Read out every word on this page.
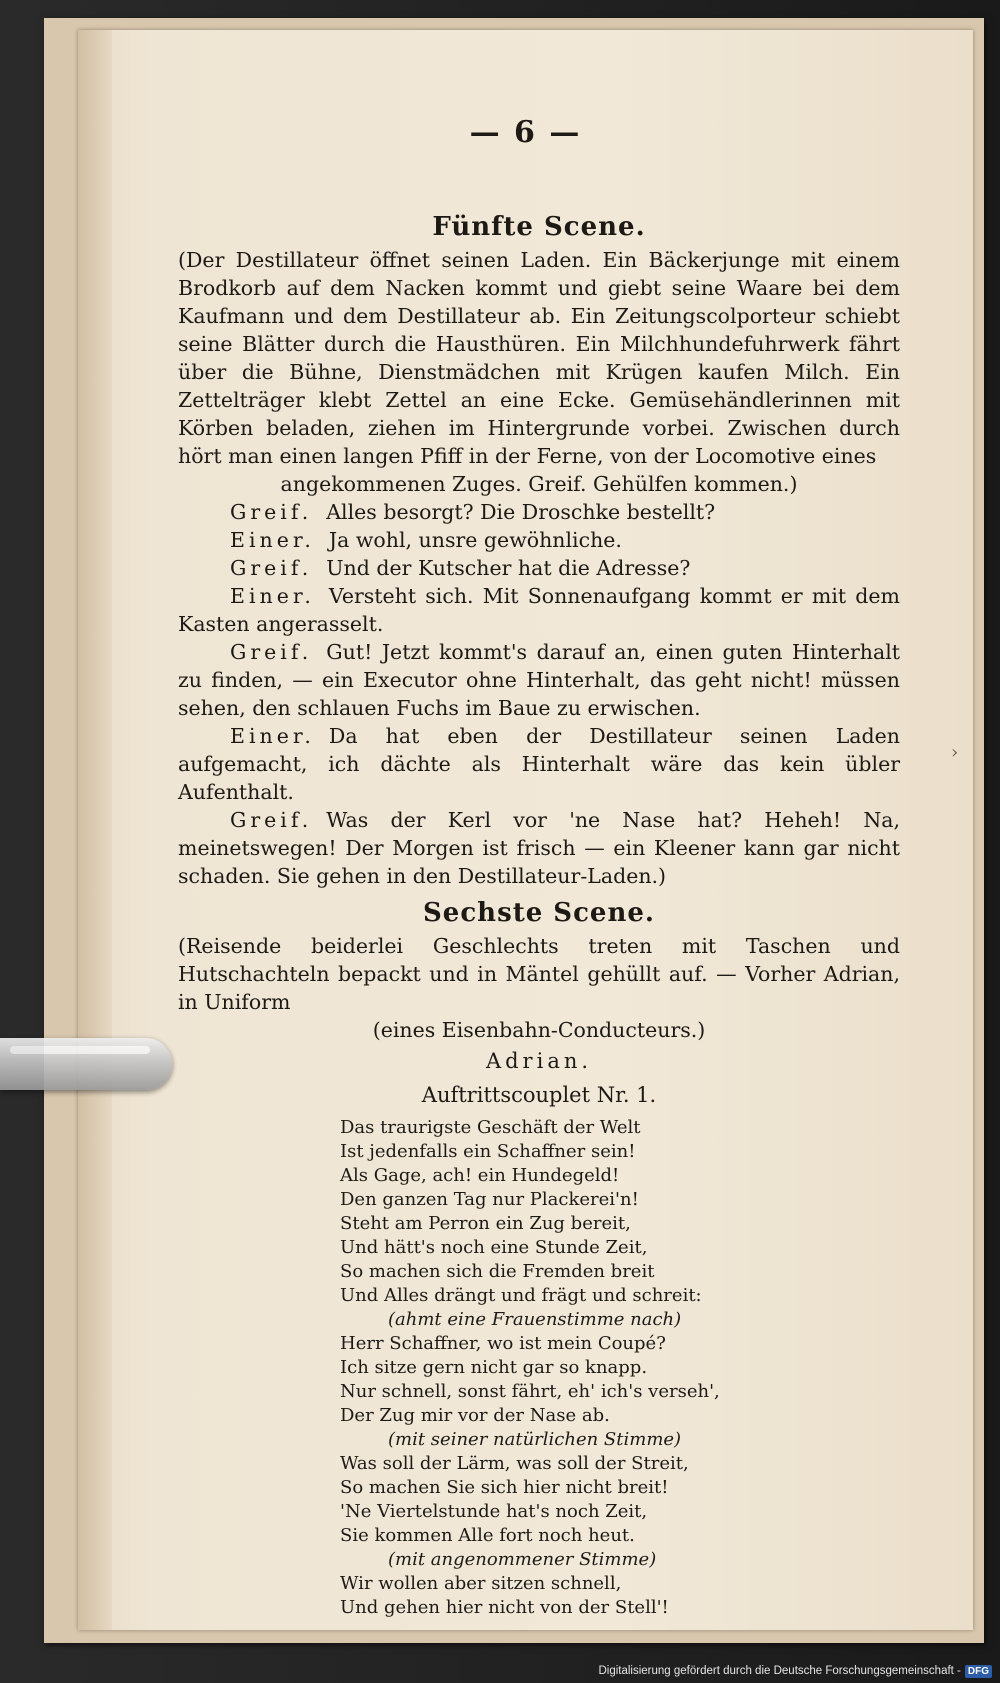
— 6 —
Fünfte Scene.

(Der Destillateur öffnet seinen Laden. Ein Bäckerjunge mit einem Brodkorb auf dem Nacken kommt und giebt seine Waare bei dem Kaufmann und dem Destillateur ab. Ein Zeitungscolporteur schiebt seine Blätter durch die Hausthüren. Ein Milchhundefuhrwerk fährt über die Bühne, Dienstmädchen mit Krügen kaufen Milch. Ein Zettelträger klebt Zettel an eine Ecke. Gemüsehändlerinnen mit Körben beladen, ziehen im Hintergrunde vorbei. Zwischen durch hört man einen langen Pfiff in der Ferne, von der Locomotive eines

angekommenen Zuges. Greif. Gehülfen kommen.)

Greif. Alles besorgt? Die Droschke bestellt?

Einer. Ja wohl, unsre gewöhnliche.

Greif. Und der Kutscher hat die Adresse?

Einer. Versteht sich. Mit Sonnenaufgang kommt er mit dem Kasten angerasselt.

Greif. Gut! Jetzt kommt's darauf an, einen guten Hinterhalt zu finden, — ein Executor ohne Hinterhalt, das geht nicht! müssen sehen, den schlauen Fuchs im Baue zu erwischen.

Einer. Da hat eben der Destillateur seinen Laden aufgemacht, ich dächte als Hinterhalt wäre das kein übler Aufenthalt.

Greif. Was der Kerl vor 'ne Nase hat? Heheh! Na, meinetswegen! Der Morgen ist frisch — ein Kleener kann gar nicht schaden. Sie gehen in den Destillateur-Laden.)

Sechste Scene.

(Reisende beiderlei Geschlechts treten mit Taschen und Hutschachteln bepackt und in Mäntel gehüllt auf. — Vorher Adrian, in Uniform

(eines Eisenbahn-Conducteurs.)

Adrian.

Auftrittscouplet Nr. 1.

Das traurigste Geschäft der Welt
Ist jedenfalls ein Schaffner sein!
Als Gage, ach! ein Hundegeld!
Den ganzen Tag nur Plackerei'n!
Steht am Perron ein Zug bereit,
Und hätt's noch eine Stunde Zeit,
So machen sich die Fremden breit
Und Alles drängt und frägt und schreit:
(ahmt eine Frauenstimme nach)
Herr Schaffner, wo ist mein Coupé?
Ich sitze gern nicht gar so knapp.
Nur schnell, sonst fährt, eh' ich's verseh',
Der Zug mir vor der Nase ab.
(mit seiner natürlichen Stimme)
Was soll der Lärm, was soll der Streit,
So machen Sie sich hier nicht breit!
'Ne Viertelstunde hat's noch Zeit,
Sie kommen Alle fort noch heut.
(mit angenommener Stimme)
Wir wollen aber sitzen schnell,
Und gehen hier nicht von der Stell'!
›
Digitalisierung gefördert durch die Deutsche Forschungsgemeinschaft - DFG
